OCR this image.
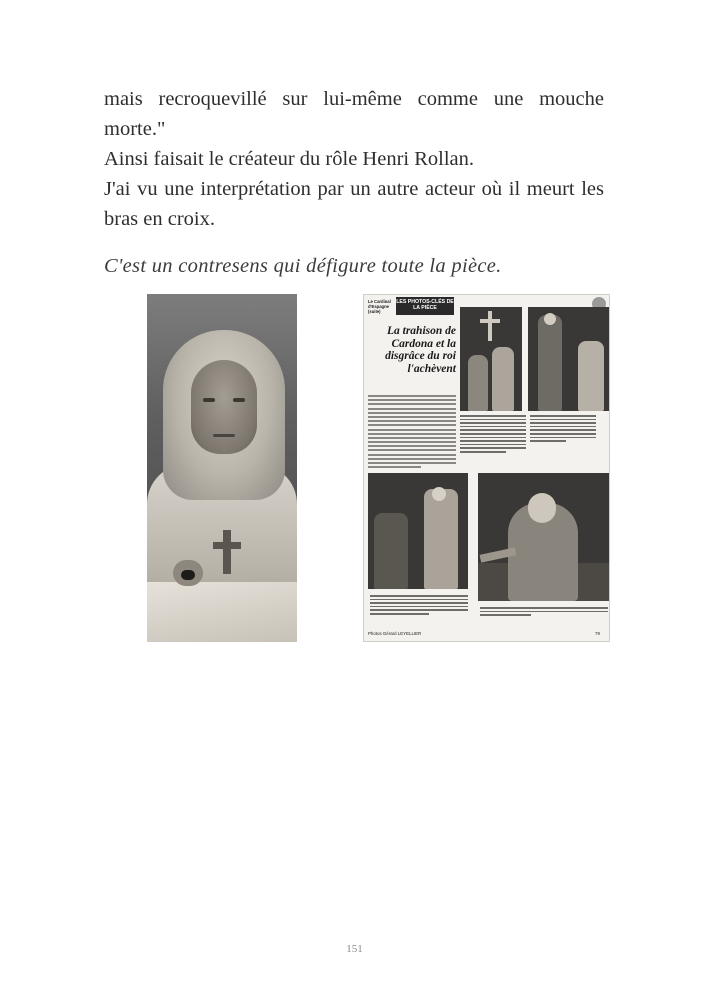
mais recroquevillé sur lui-même comme une mouche morte."

Ainsi faisait le créateur du rôle Henri Rollan.

J'ai vu une interprétation par un autre acteur où il meurt les bras en croix.

C'est un contresens qui défigure toute la pièce.
Le Cardinal d'Espagne (suite)
LES PHOTOS-CLÉS DE LA PIÈCE
La trahison de Cardona et la disgrâce du roi l'achèvent
Photos Gérard LEYELLIER	79
151
